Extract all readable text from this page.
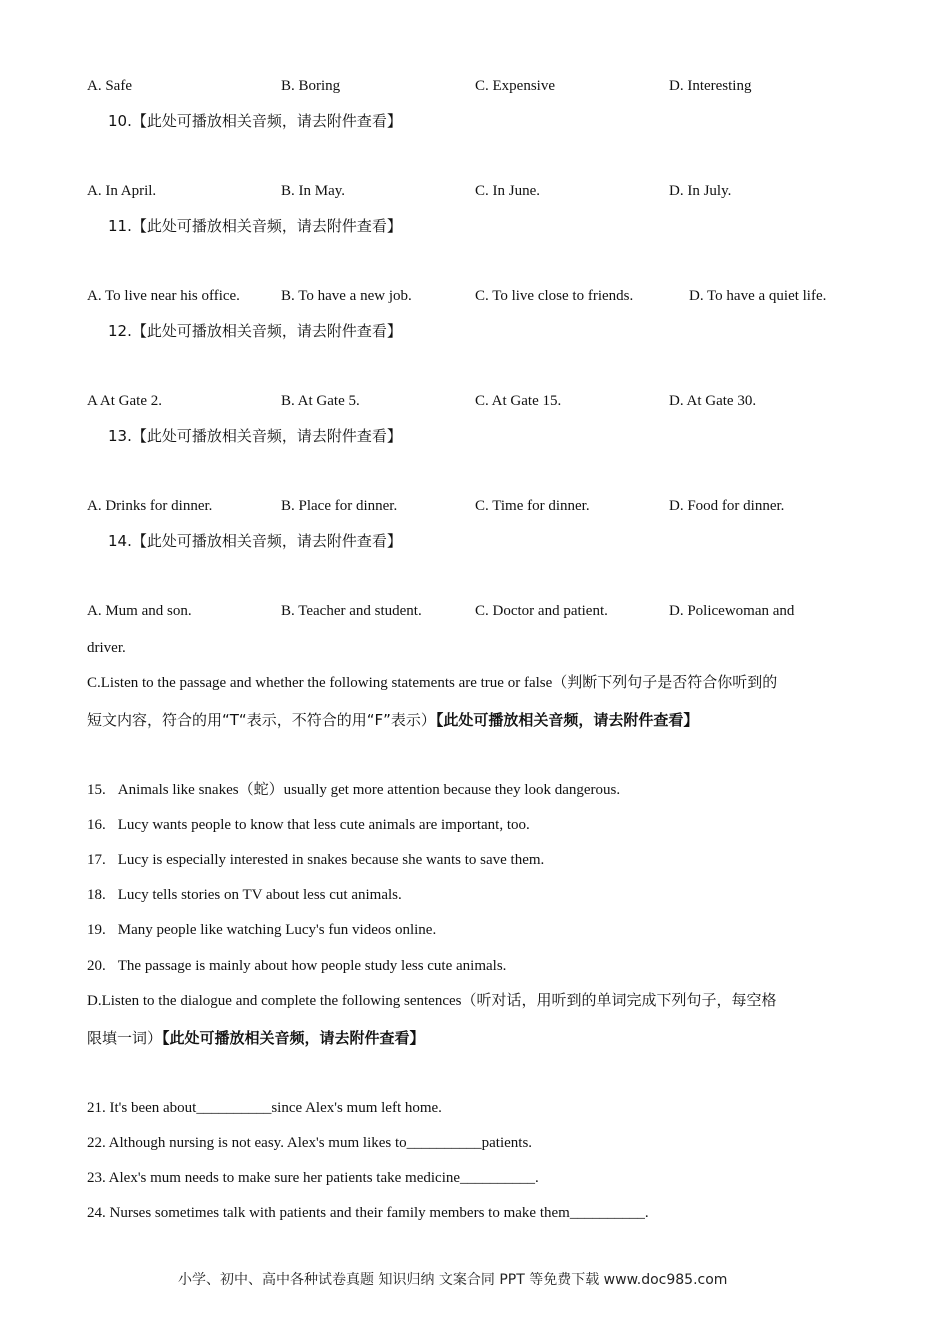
A. Safe	B. Boring	C. Expensive	D. Interesting
10.【此处可播放相关音频，请去附件查看】
A. In April.	B. In May.	C. In June.	D. In July.
11.【此处可播放相关音频，请去附件查看】
A. To live near his office.	B. To have a new job.	C. To live close to friends.	D. To have a quiet life.
12.【此处可播放相关音频，请去附件查看】
A At Gate 2.	B. At Gate 5.	C. At Gate 15.	D. At Gate 30.
13.【此处可播放相关音频，请去附件查看】
A. Drinks for dinner.	B. Place for dinner.	C. Time for dinner.	D. Food for dinner.
14.【此处可播放相关音频，请去附件查看】
A. Mum and son.	B. Teacher and student.	C. Doctor and patient.	D. Policewoman and
driver.
C.Listen to the passage and whether the following statements are true or false（判断下列句子是否符合你听到的
短文内容，符合的用“T“表示，不符合的用“F”表示）【此处可播放相关音频，请去附件查看】
15. Animals like snakes（蛇）usually get more attention because they look dangerous.
16. Lucy wants people to know that less cute animals are important, too.
17. Lucy is especially interested in snakes because she wants to save them.
18. Lucy tells stories on TV about less cut animals.
19. Many people like watching Lucy's fun videos online.
20. The passage is mainly about how people study less cute animals.
D.Listen to the dialogue and complete the following sentences（听对话，用听到的单词完成下列句子，每空格
限填一词）【此处可播放相关音频，请去附件查看】
21. It's been about__________since Alex's mum left home.
22. Although nursing is not easy. Alex's mum likes to__________patients.
23. Alex's mum needs to make sure her patients take medicine__________.
24. Nurses sometimes talk with patients and their family members to make them__________.
小学、初中、高中各种试卷真题 知识归纳 文案合同 PPT 等免费下载 www.doc985.com
